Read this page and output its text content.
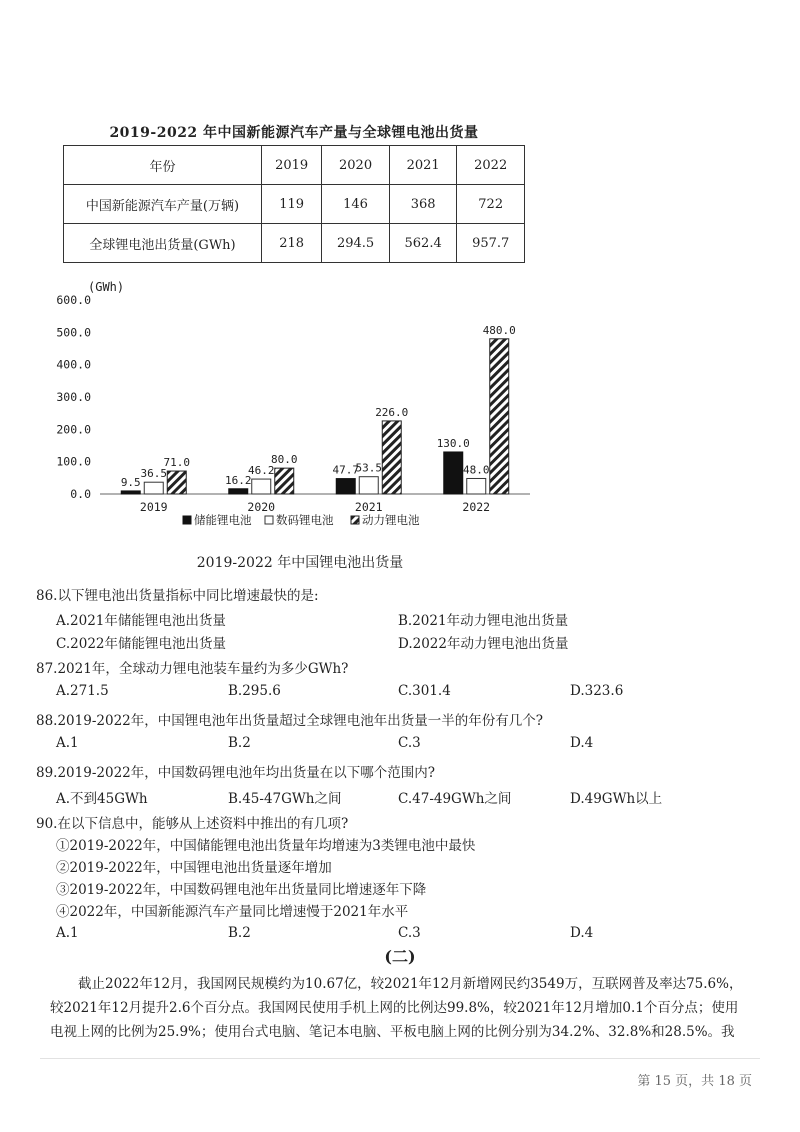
2019-2022 年中国新能源汽车产量与全球锂电池出货量
年份	2019	2020	2021	2022
中国新能源汽车产量(万辆)	119	146	368	722
全球锂电池出货量(GWh)	218	294.5	562.4	957.7
(GWh)
0.0
100.0
200.0
300.0
400.0
500.0
600.0
2019
9.5
36.5
71.0
2020
16.2
46.2
80.0
2021
47.7
53.5
226.0
2022
130.0
48.0
480.0
储能锂电池 数码锂电池 动力锂电池
2019-2022 年中国锂电池出货量
86.以下锂电池出货量指标中同比增速最快的是:
A.2021年储能锂电池出货量	B.2021年动力锂电池出货量
C.2022年储能锂电池出货量	D.2022年动力锂电池出货量
87.2021年，全球动力锂电池装车量约为多少GWh?
A.271.5	B.295.6	C.301.4	D.323.6
88.2019-2022年，中国锂电池年出货量超过全球锂电池年出货量一半的年份有几个?
A.1	B.2	C.3	D.4
89.2019-2022年，中国数码锂电池年均出货量在以下哪个范围内?
A.不到45GWh	B.45-47GWh之间	C.47-49GWh之间	D.49GWh以上
90.在以下信息中，能够从上述资料中推出的有几项?
①2019-2022年，中国储能锂电池出货量年均增速为3类锂电池中最快
②2019-2022年，中国锂电池出货量逐年增加
③2019-2022年，中国数码锂电池年出货量同比增速逐年下降
④2022年，中国新能源汽车产量同比增速慢于2021年水平
A.1	B.2	C.3	D.4
(二)
截止2022年12月，我国网民规模约为10.67亿，较2021年12月新增网民约3549万，互联网普及率达75.6%，
较2021年12月提升2.6个百分点。我国网民使用手机上网的比例达99.8%，较2021年12月增加0.1个百分点；使用
电视上网的比例为25.9%；使用台式电脑、笔记本电脑、平板电脑上网的比例分别为34.2%、32.8%和28.5%。我
第 15 页，共 18 页
